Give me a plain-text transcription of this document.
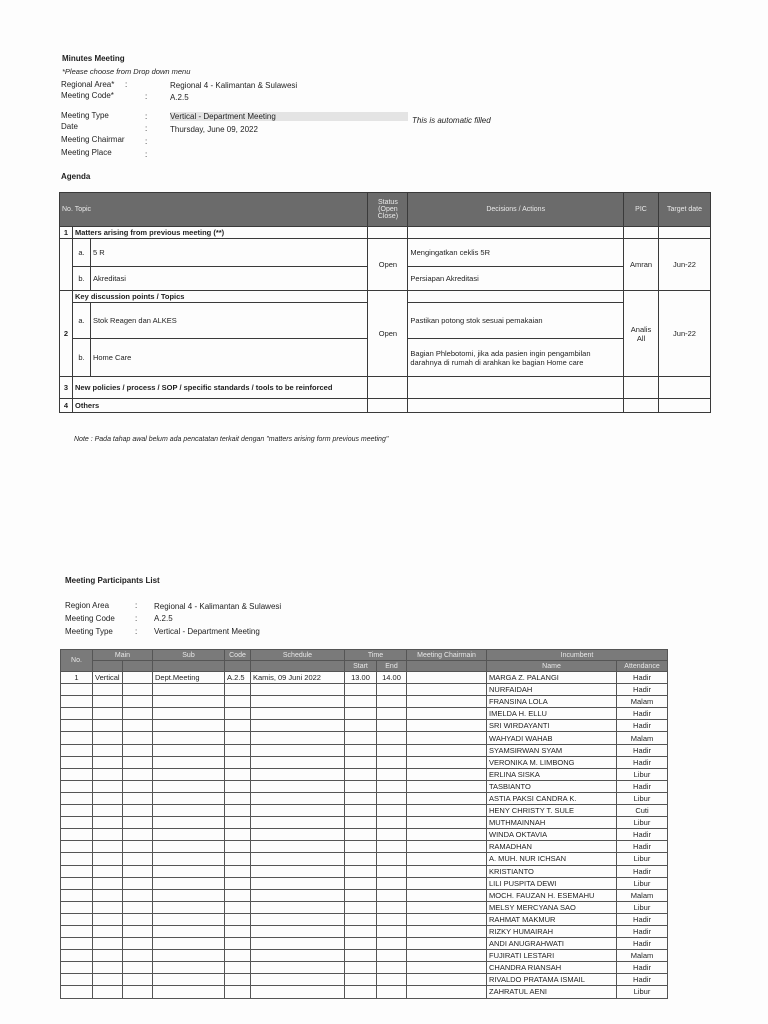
Minutes Meeting
*Please choose from Drop down menu
Regional Area* :	Regional 4 - Kalimantan & Sulawesi
Meeting Code*	:	A.2.5
Meeting Type	:	Vertical - Department Meeting	This is automatic filled
Date	:	Thursday, June 09, 2022
Meeting Chairmar	:
Meeting Place	:
Agenda
No. Topic			Status (Open Close)	Decisions / Actions	PIC	Target date
1	Matters arising from previous meeting (**)					
	a.	5 R	Open	Mengingatkan ceklis 5R	Amran	Jun-22
	b.	Akreditasi		Persiapan Akreditasi		
2	Key discussion points / Topics		Open		Analis All	Jun-22
	a.	Stok Reagen dan ALKES		Pastikan potong stok sesuai pemakaian		
	b.	Home Care		Bagian Phlebotomi, jika ada pasien ingin pengambilan darahnya di rumah di arahkan ke bagian Home care		
3	New policies / process / SOP / specific standards / tools to be reinforced					
4	Others					
Note : Pada tahap awal belum ada pencatatan terkait dengan "matters arising form previous meeting"
Meeting Participants List
Region Area	: Regional 4 - Kalimantan & Sulawesi
Meeting Code	: A.2.5
Meeting Type	: Vertical - Department Meeting
No.	Main		Sub	Code	Schedule	Time		Meeting Chairmain	Incumbent	
						Start	End		Name	Attendance
1	Vertical		Dept.Meeting	A.2.5	Kamis, 09 Juni 2022	13.00	14.00		MARGA Z. PALANGI	Hadir
									NURFAIDAH	Hadir
									FRANSINA LOLA	Malam
									IMELDA H. ELLU	Hadir
									SRI WIRDAYANTI	Hadir
									WAHYADI WAHAB	Malam
									SYAMSIRWAN SYAM	Hadir
									VERONIKA M. LIMBONG	Hadir
									ERLINA SISKA	Libur
									TASBIANTO	Hadir
									ASTIA PAKSI CANDRA K.	Libur
									HENY CHRISTY T. SULE	Cuti
									MUTHMAINNAH	Libur
									WINDA OKTAVIA	Hadir
									RAMADHAN	Hadir
									A. MUH. NUR ICHSAN	Libur
									KRISTIANTO	Hadir
									LILI PUSPITA DEWI	Libur
									MOCH. FAUZAN H. ESEMAHU	Malam
									MELSY MERCYANA SAO	Libur
									RAHMAT MAKMUR	Hadir
									RIZKY HUMAIRAH	Hadir
									ANDI ANUGRAHWATI	Hadir
									FUJIRATI LESTARI	Malam
									CHANDRA RIANSAH	Hadir
									RIVALDO PRATAMA ISMAIL	Hadir
									ZAHRATUL AENI	Libur
